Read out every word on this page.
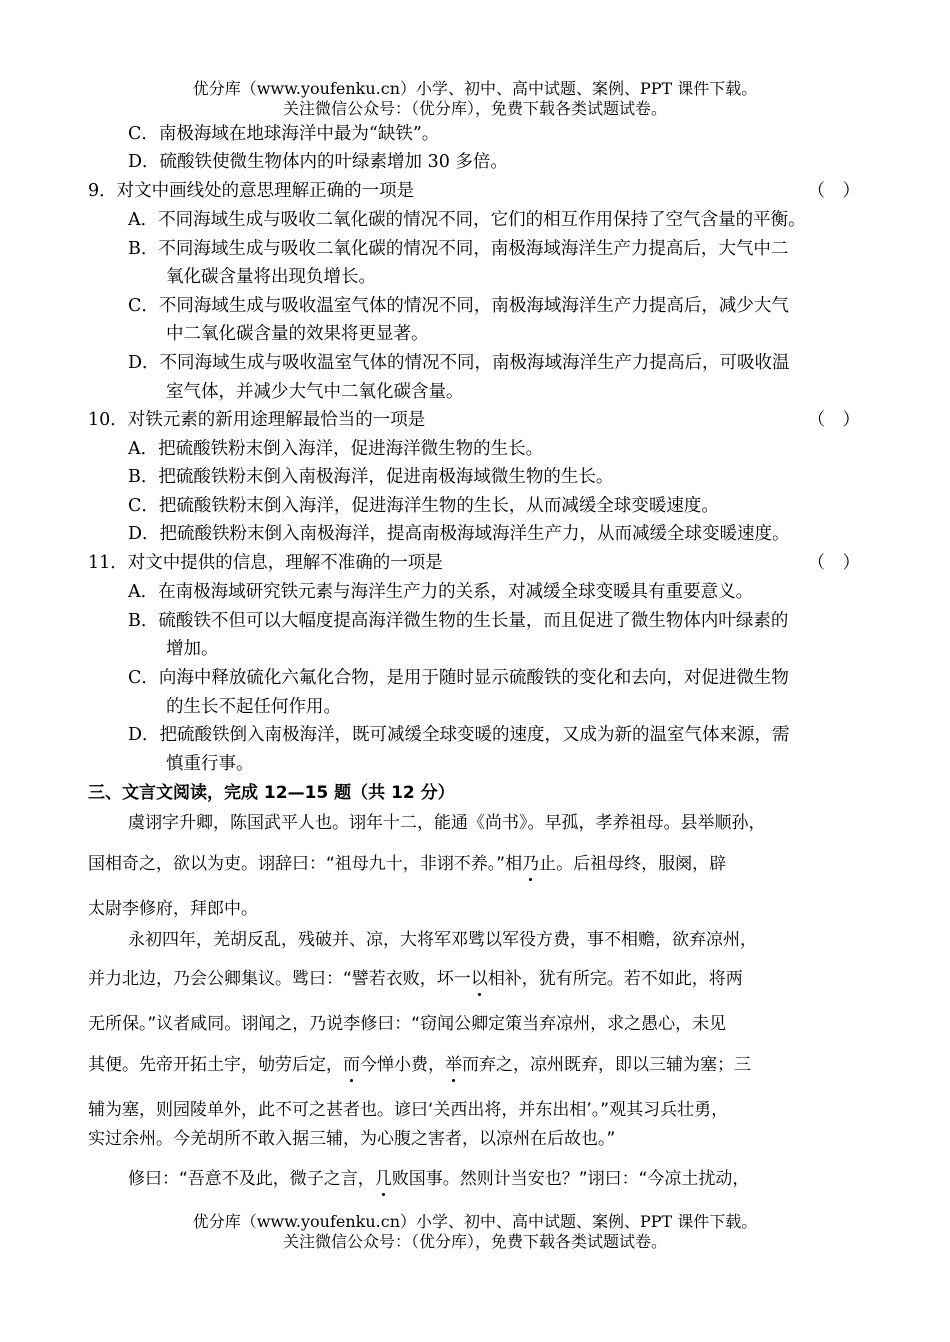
优分库（www.youfenku.cn）小学、初中、高中试题、案例、PPT 课件下载。
关注微信公众号：（优分库），免费下载各类试题试卷。
C．南极海域在地球海洋中最为“缺铁”。
D．硫酸铁使微生物体内的叶绿素增加 30 多倍。
9．对文中画线处的意思理解正确的一项是	（　）
A．不同海域生成与吸收二氧化碳的情况不同，它们的相互作用保持了空气含量的平衡。
B．不同海域生成与吸收二氧化碳的情况不同，南极海域海洋生产力提高后，大气中二
氧化碳含量将出现负增长。
C．不同海域生成与吸收温室气体的情况不同，南极海域海洋生产力提高后，减少大气
中二氧化碳含量的效果将更显著。
D．不同海域生成与吸收温室气体的情况不同，南极海域海洋生产力提高后，可吸收温
室气体，并减少大气中二氧化碳含量。
10．对铁元素的新用途理解最恰当的一项是	（　）
A．把硫酸铁粉末倒入海洋，促进海洋微生物的生长。
B．把硫酸铁粉末倒入南极海洋，促进南极海域微生物的生长。
C．把硫酸铁粉末倒入海洋，促进海洋生物的生长，从而减缓全球变暖速度。
D．把硫酸铁粉末倒入南极海洋，提高南极海域海洋生产力，从而减缓全球变暖速度。
11．对文中提供的信息，理解不准确的一项是	（　）
A．在南极海域研究铁元素与海洋生产力的关系，对减缓全球变暖具有重要意义。
B．硫酸铁不但可以大幅度提高海洋微生物的生长量，而且促进了微生物体内叶绿素的
增加。
C．向海中释放硫化六氟化合物，是用于随时显示硫酸铁的变化和去向，对促进微生物
的生长不起任何作用。
D．把硫酸铁倒入南极海洋，既可减缓全球变暖的速度，又成为新的温室气体来源，需
慎重行事。
三、文言文阅读，完成 12—15 题（共 12 分）
虞诩字升卿，陈国武平人也。诩年十二，能通《尚书》。早孤，孝养祖母。县举顺孙，
国相奇之，欲以为吏。诩辞曰：“祖母九十，非诩不养。”相乃止。后祖母终，服阕，辟
太尉李修府，拜郎中。
永初四年，羌胡反乱，残破并、凉，大将军邓骘以军役方费，事不相赡，欲弃凉州，
并力北边，乃会公卿集议。骘曰：“譬若衣败，坏一以相补，犹有所完。若不如此，将两
无所保。”议者咸同。诩闻之，乃说李修曰：“窃闻公卿定策当弃凉州，求之愚心，未见
其便。先帝开拓土宇，劬劳后定，而今惮小费，举而弃之，凉州既弃，即以三辅为塞；三
辅为塞，则园陵单外，此不可之甚者也。谚曰‘关西出将，并东出相’。”观其习兵壮勇，
实过余州。今羌胡所不敢入据三辅，为心腹之害者，以凉州在后故也。”
修曰：“吾意不及此，微子之言，几败国事。然则计当安也？”诩曰：“今凉土扰动，
优分库（www.youfenku.cn）小学、初中、高中试题、案例、PPT 课件下载。
关注微信公众号：（优分库），免费下载各类试题试卷。
